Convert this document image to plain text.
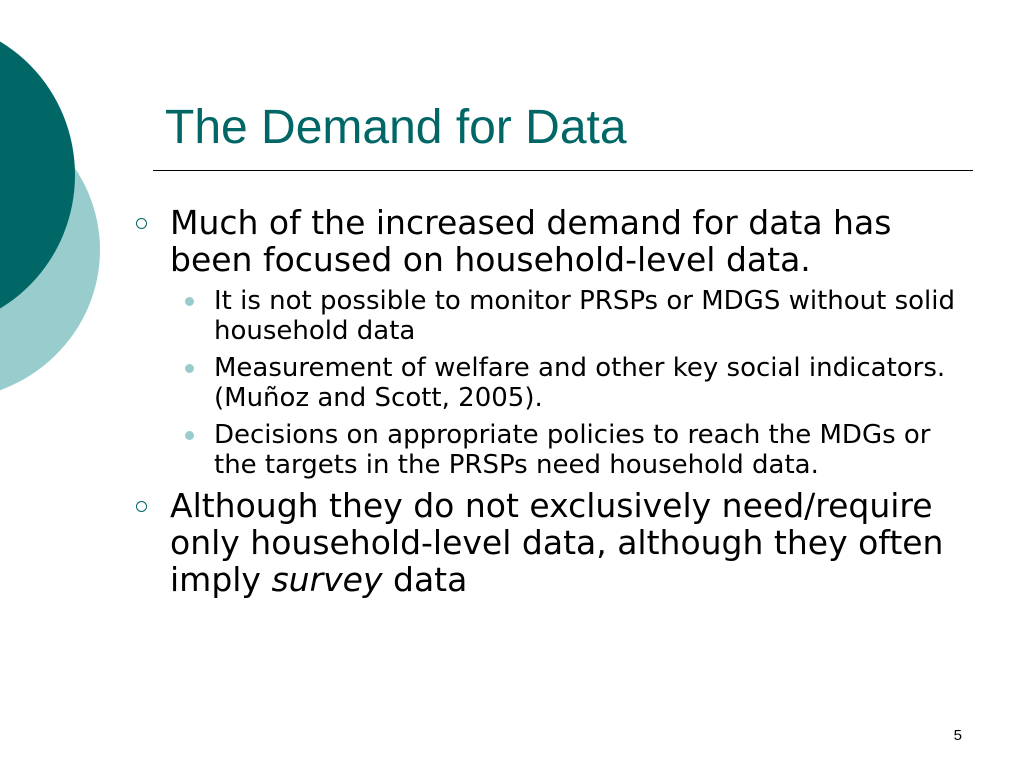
The Demand for Data
Much of the increased demand for data has been focused on household-level data.
It is not possible to monitor PRSPs or MDGS without solid household data
Measurement of welfare and other key social indicators. (Muñoz and Scott, 2005).
Decisions on appropriate policies to reach the MDGs or the targets in the PRSPs need household data.
Although they do not exclusively need/require only household-level data, although they often imply survey data
5
